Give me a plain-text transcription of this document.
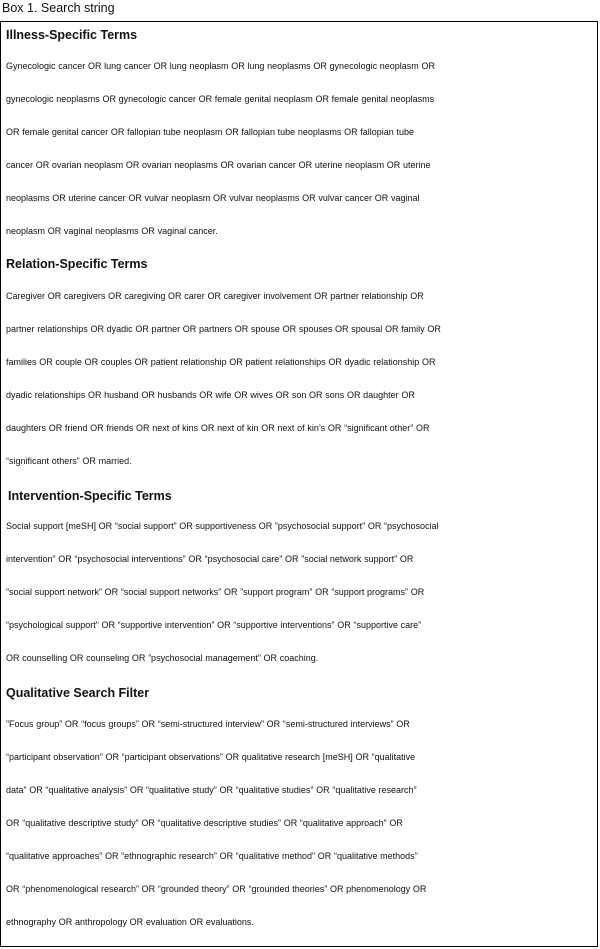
Box 1. Search string
Illness-Specific Terms
Gynecologic cancer OR lung cancer OR lung neoplasm OR lung neoplasms OR gynecologic neoplasm OR
gynecologic neoplasms OR gynecologic cancer OR female genital neoplasm OR female genital neoplasms
OR female genital cancer OR fallopian tube neoplasm OR fallopian tube neoplasms OR fallopian tube
cancer OR ovarian neoplasm OR ovarian neoplasms OR ovarian cancer OR uterine neoplasm OR uterine
neoplasms OR uterine cancer OR vulvar neoplasm OR vulvar neoplasms OR vulvar cancer OR vaginal
neoplasm OR vaginal neoplasms OR vaginal cancer.
Relation-Specific Terms
Caregiver OR caregivers OR caregiving OR carer OR caregiver involvement OR partner relationship OR
partner relationships OR dyadic OR partner OR partners OR spouse OR spouses OR spousal OR family OR
families OR couple OR couples OR patient relationship OR patient relationships OR dyadic relationship OR
dyadic relationships OR husband OR husbands OR wife OR wives OR son OR sons OR daughter OR
daughters OR friend OR friends OR next of kins OR next of kin OR next of kin’s OR “significant other” OR
“significant others” OR married.
Intervention-Specific Terms
Social support [meSH] OR “social support” OR supportiveness OR ”psychosocial support” OR “psychosocial
intervention” OR “psychosocial interventions” OR “psychosocial care” OR ”social network support” OR
”social support network” OR “social support networks” OR ”support program” OR ”support programs” OR
“psychological support” OR “supportive intervention” OR “supportive interventions” OR “supportive care”
OR counselling OR counseling OR ”psychosocial management” OR coaching.
Qualitative Search Filter
”Focus group” OR “focus groups” OR “semi-structured interview” OR “semi-structured interviews” OR
“participant observation” OR “participant observations” OR qualitative research [meSH] OR “qualitative
data” OR “qualitative analysis” OR “qualitative study” OR “qualitative studies” OR “qualitative research”
OR “qualitative descriptive study” OR “qualitative descriptive studies” OR “qualitative approach” OR
“qualitative approaches” OR “ethnographic research” OR “qualitative method” OR “qualitative methods”
OR “phenomenological research” OR “grounded theory” OR “grounded theories” OR phenomenology OR
ethnography OR anthropology OR evaluation OR evaluations.
